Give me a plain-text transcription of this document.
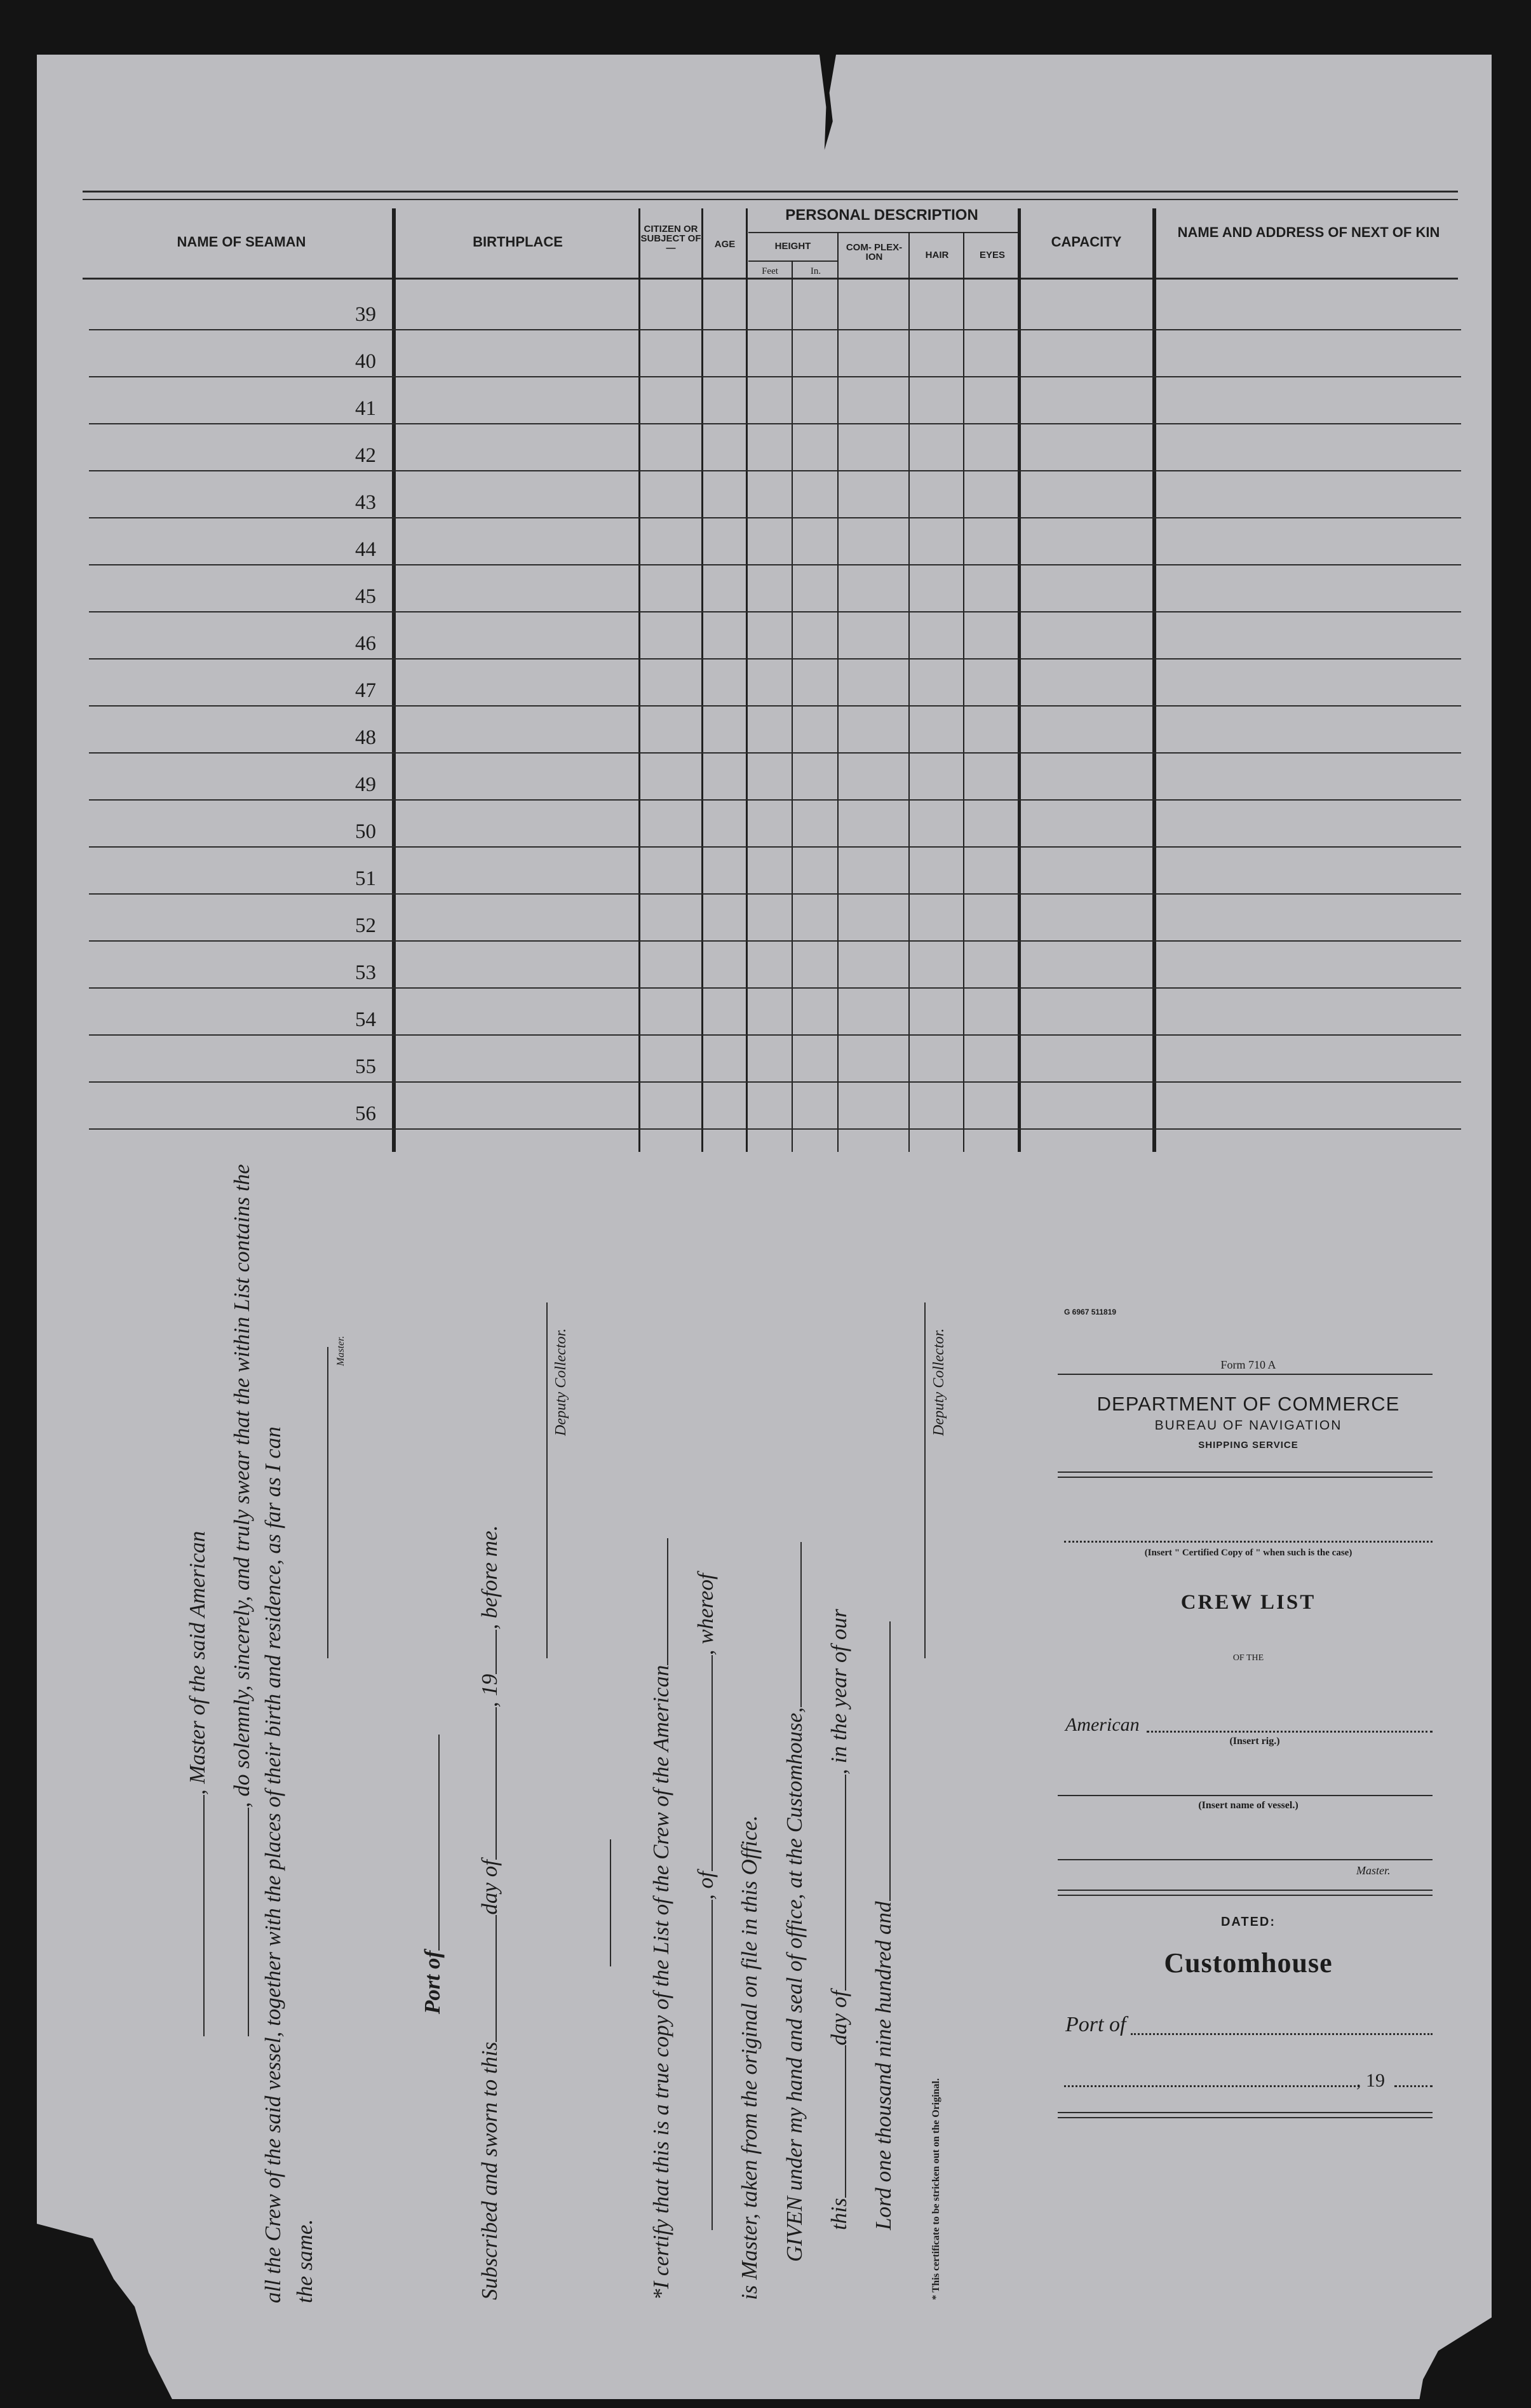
NAME OF SEAMAN	BIRTHPLACE
CITIZEN OR SUBJECT OF—	AGE
PERSONAL DESCRIPTION
HEIGHT
Feet	In.
COM- PLEX- ION	HAIR	EYES
CAPACITY
NAME AND ADDRESS OF NEXT OF KIN
39
40
41
42
43
44
45
46
47
48
49
50
51
52
53
54
55
56
, Master of the said American , do solemnly, sincerely, and truly swear that the within List contains the all the Crew of the said vessel, together with the places of their birth and residence, as far as I can the same.
Master.
Port of
Subscribed and sworn to thisday of, 19, before me.
Deputy Collector.
*I certify that this is a true copy of the List of the Crew of the American , of, whereof
is Master, taken from the original on file in this Office. GIVEN under my hand and seal of office, at the Customhouse, thisday of, in the year of our
Lord one thousand nine hundred and
Deputy Collector.
* This certificate to be stricken out on the Original.
G 6967 511819
Form 710 A
DEPARTMENT OF COMMERCE
BUREAU OF NAVIGATION
SHIPPING SERVICE
(Insert " Certified Copy of " when such is the case)
CREW LIST
OF THE
American
(Insert rig.)
(Insert name of vessel.)
Master.
DATED:
Customhouse
Port of
, 19
